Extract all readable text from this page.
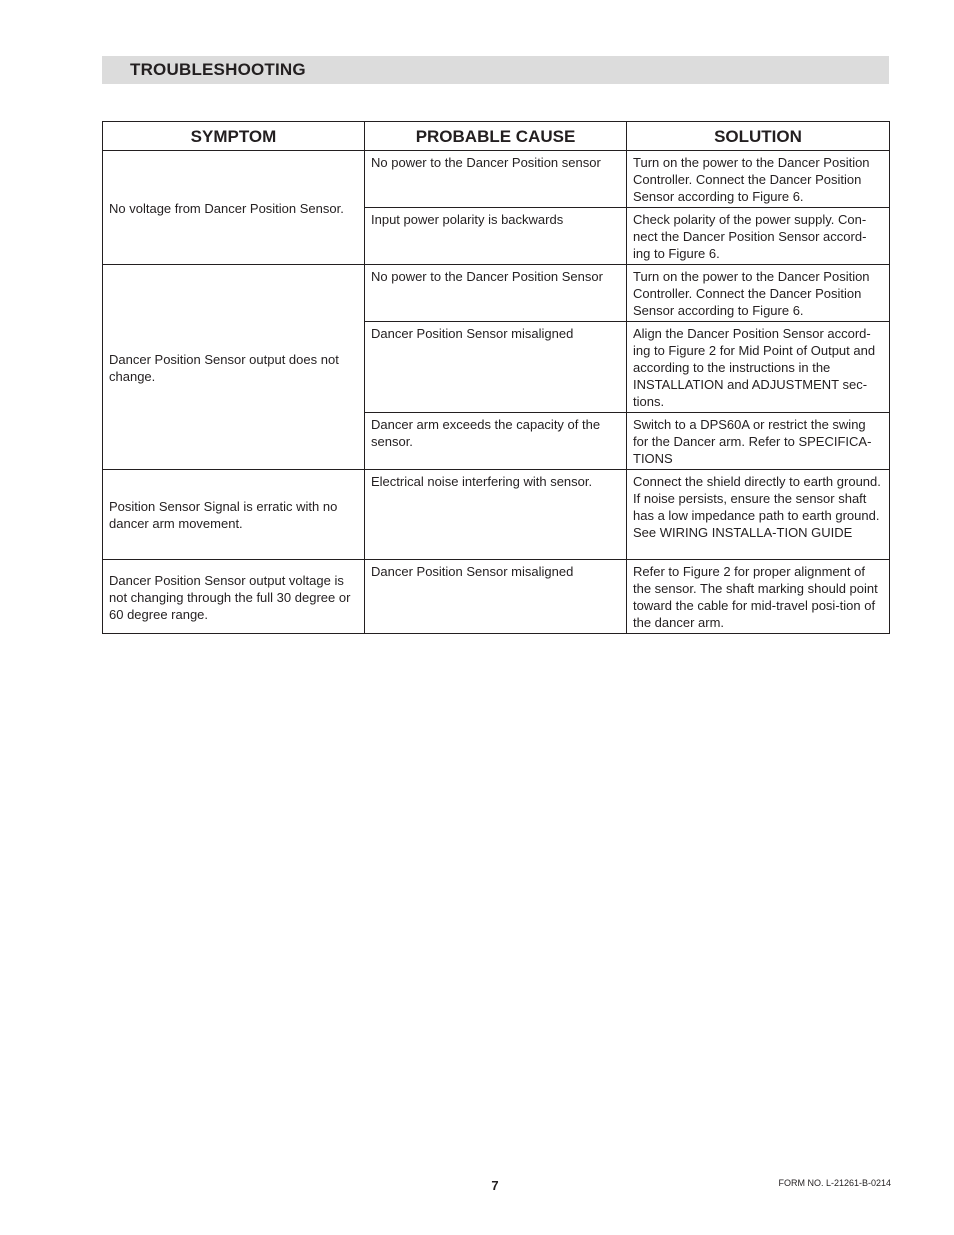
TROUBLESHOOTING
SYMPTOM	PROBABLE CAUSE	SOLUTION
No voltage from Dancer Position Sensor.	No power to the Dancer Position sensor	Turn on the power to the Dancer Position Controller. Connect the Dancer Position Sensor according to Figure 6.
	Input power polarity is backwards	Check polarity of the power supply. Con-nect the Dancer Position Sensor accord-ing to Figure 6.
Dancer Position Sensor output does not change.	No power to the Dancer Position Sensor	Turn on the power to the Dancer Position Controller. Connect the Dancer Position Sensor according to Figure 6.
	Dancer Position Sensor misaligned	Align the Dancer Position Sensor accord-ing to Figure 2 for Mid Point of Output and according to the instructions in the INSTALLATION and ADJUSTMENT sec-tions.
	Dancer arm exceeds the capacity of the sensor.	Switch to a DPS60A or restrict the swing for the Dancer arm. Refer to SPECIFICA-TIONS
Position Sensor Signal is erratic with no dancer arm movement.	Electrical noise interfering with sensor.	Connect the shield directly to earth ground. If noise persists, ensure the sensor shaft has a low impedance path to earth ground. See WIRING INSTALLA-TION GUIDE
Dancer Position Sensor output voltage is not changing through the full 30 degree or 60 degree range.	Dancer Position Sensor misaligned	Refer to Figure 2 for proper alignment of the sensor. The shaft marking should point toward the cable for mid-travel posi-tion of the dancer arm.
7	FORM NO. L-21261-B-0214
